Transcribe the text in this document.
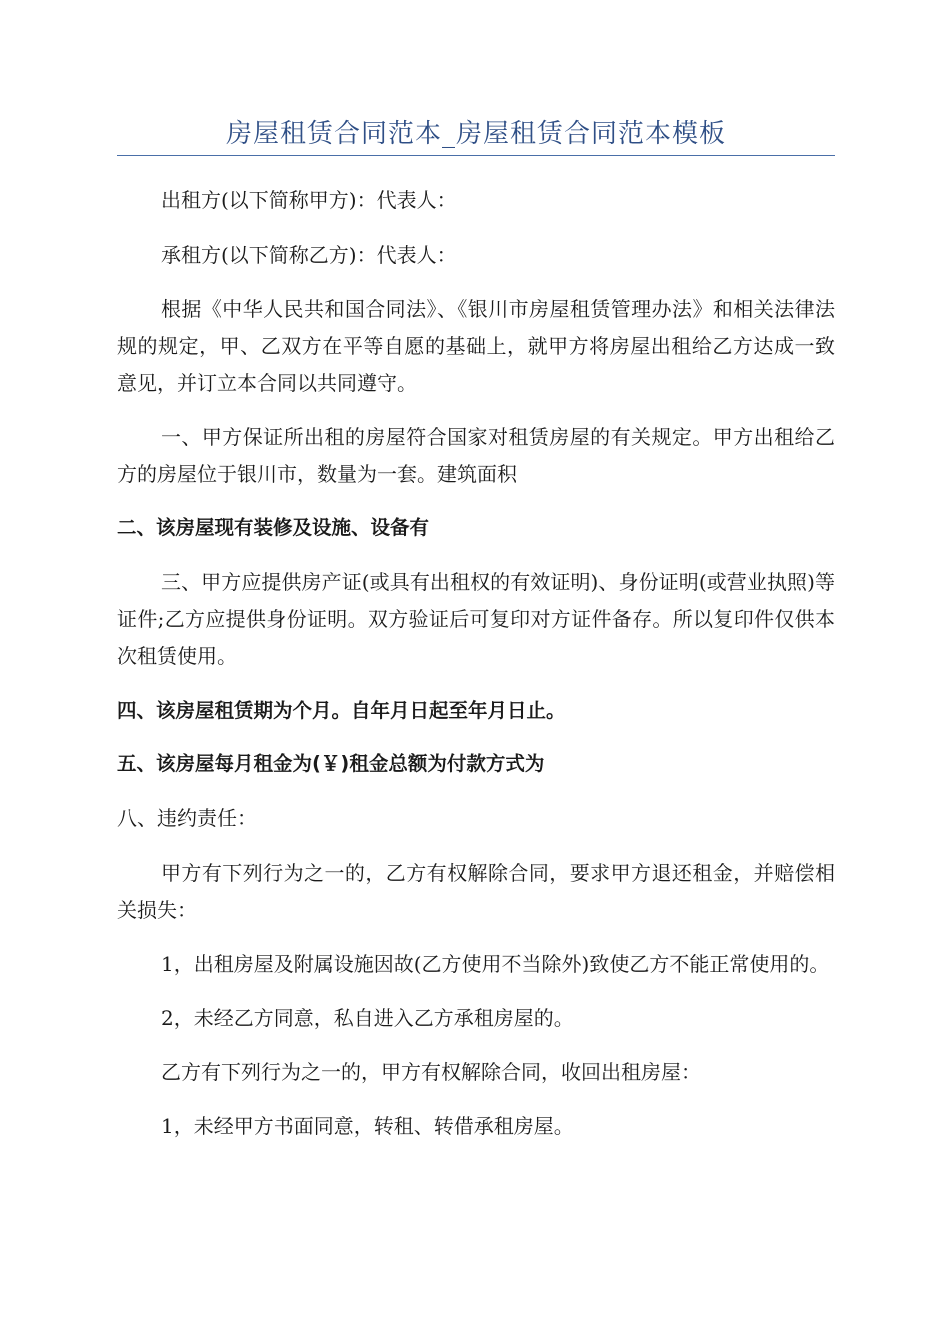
房屋租赁合同范本_房屋租赁合同范本模板

出租方(以下简称甲方)：代表人：

承租方(以下简称乙方)：代表人：

根据《中华人民共和国合同法》、《银川市房屋租赁管理办法》和相关法律法规的规定，甲、乙双方在平等自愿的基础上，就甲方将房屋出租给乙方达成一致意见，并订立本合同以共同遵守。

一、甲方保证所出租的房屋符合国家对租赁房屋的有关规定。甲方出租给乙方的房屋位于银川市，数量为一套。建筑面积

二、该房屋现有装修及设施、设备有

三、甲方应提供房产证(或具有出租权的有效证明)、身份证明(或营业执照)等证件;乙方应提供身份证明。双方验证后可复印对方证件备存。所以复印件仅供本次租赁使用。

四、该房屋租赁期为个月。自年月日起至年月日止。

五、该房屋每月租金为(￥)租金总额为付款方式为

八、违约责任：

甲方有下列行为之一的，乙方有权解除合同，要求甲方退还租金，并赔偿相关损失：

1，出租房屋及附属设施因故(乙方使用不当除外)致使乙方不能正常使用的。

2，未经乙方同意，私自进入乙方承租房屋的。

乙方有下列行为之一的，甲方有权解除合同，收回出租房屋：

1，未经甲方书面同意，转租、转借承租房屋。
